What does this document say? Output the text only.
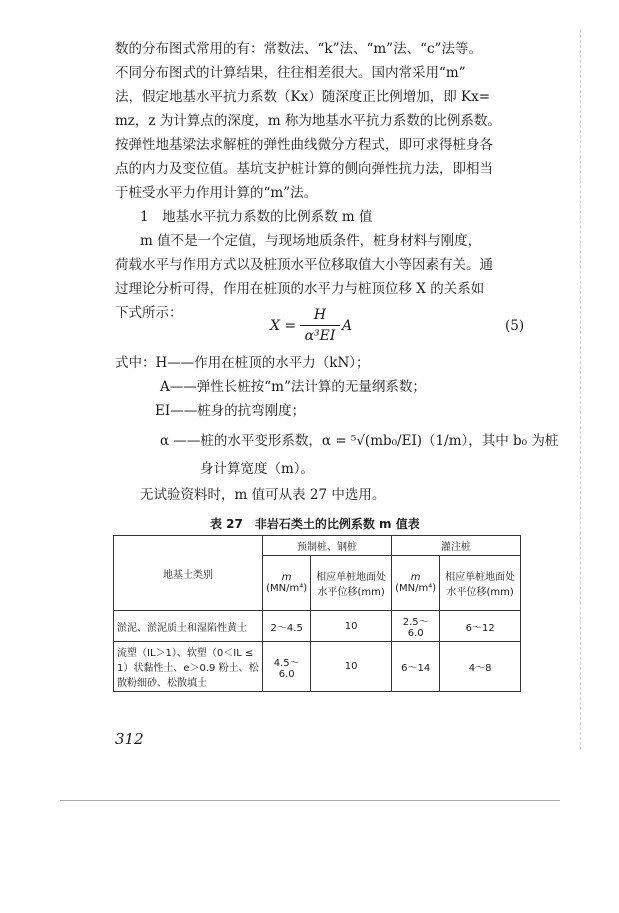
数的分布图式常用的有：常数法、“k”法、“m”法、“c”法等。
不同分布图式的计算结果，往往相差很大。国内常采用“m”
法，假定地基水平抗力系数（Kx）随深度正比例增加，即 Kx=
mz，z 为计算点的深度，m 称为地基水平抗力系数的比例系数。
按弹性地基梁法求解桩的弹性曲线微分方程式，即可求得桩身各
点的内力及变位值。基坑支护桩计算的侧向弹性抗力法，即相当
于桩受水平力作用计算的“m”法。
1　地基水平抗力系数的比例系数 m 值
m 值不是一个定值，与现场地质条件，桩身材料与刚度，
荷载水平与作用方式以及桩顶水平位移取值大小等因素有关。通
过理论分析可得，作用在桩顶的水平力与桩顶位移 X 的关系如
下式所示：
X =
H
α³EI
A	(5)
式中：H——作用在桩顶的水平力（kN）；
A——弹性长桩按“m”法计算的无量纲系数；
EI——桩身的抗弯刚度；
α ——桩的水平变形系数，α = ⁵√(mb₀/EI)（1/m），其中 b₀ 为桩
身计算宽度（m）。
无试验资料时，m 值可从表 27 中选用。
表 27　非岩石类土的比例系数 m 值表
地基土类别	预制桩、钢桩		灌注桩	
	m
(MN/m⁴)	相应单桩地面处水平位移(mm)	m
(MN/m⁴)	相应单桩地面处水平位移(mm)
淤泥、淤泥质土和湿陷性黄土	2～4.5	10	2.5～6.0	6～12
流塑（IL＞1）、软塑（0＜IL ≤ 1）状黏性土、e＞0.9 粉土、松散粉细砂、松散填土	4.5～6.0	10	6～14	4～8
312
